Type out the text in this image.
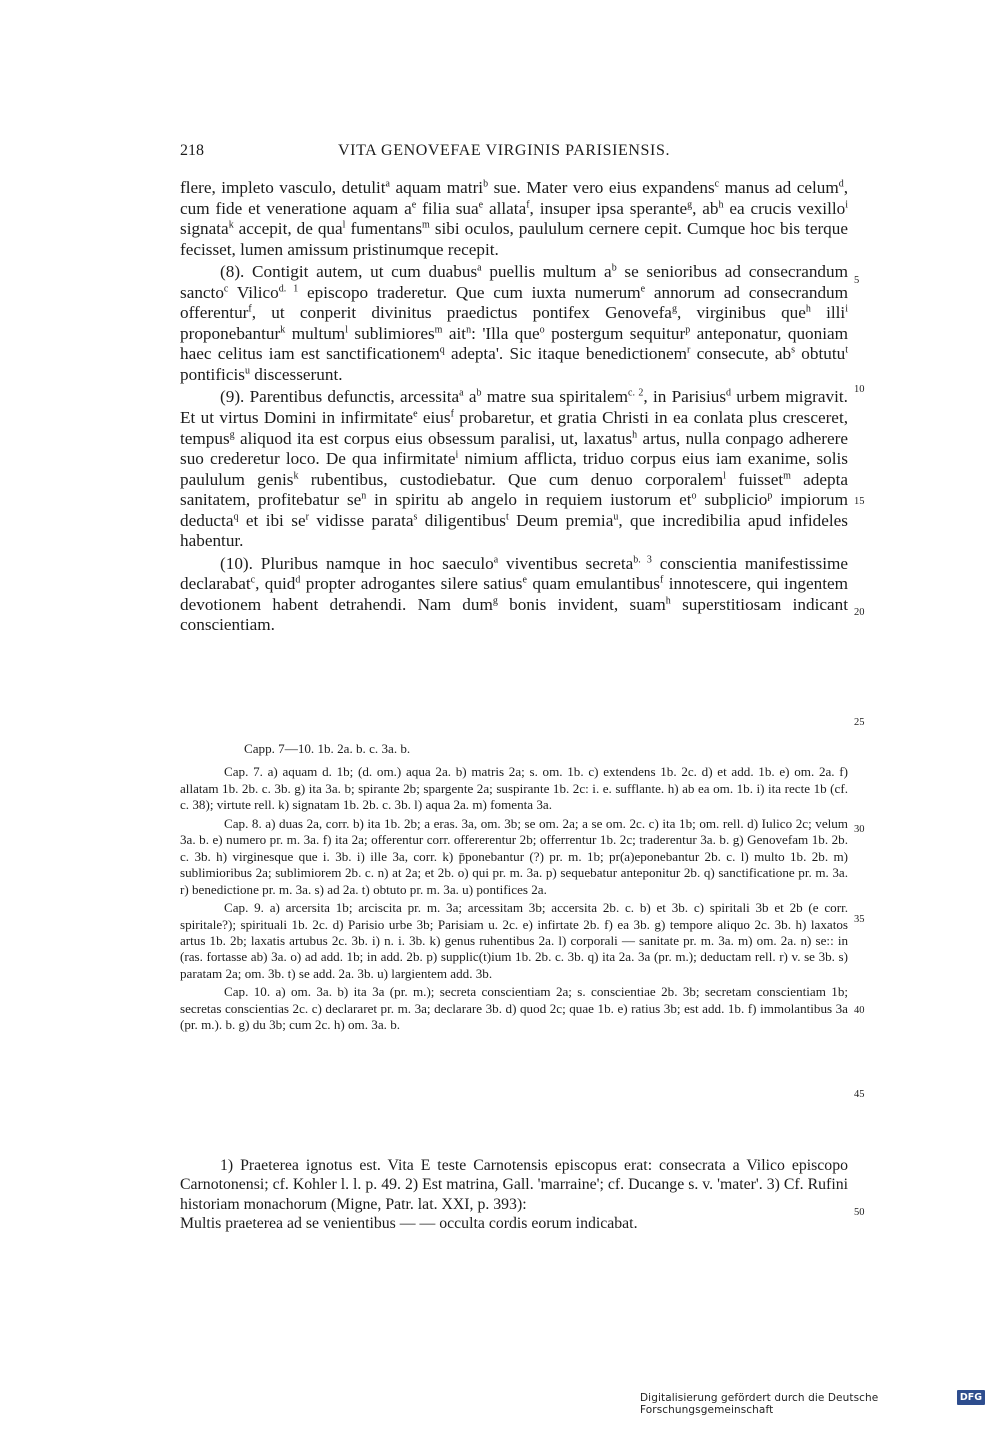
218	VITA GENOVEFAE VIRGINIS PARISIENSIS.

flere, impleto vasculo, detulit$^a$ aquam matri$^b$ sue. Mater vero eius expandens$^c$ manus ad celum$^d$, cum fide et veneratione aquam $a^e$ filia sua$^e$ allata$^f$, insuper ipsa sperante$^g$, $ab^h$ ea crucis vexillo$^i$ signata$^k$ accepit, de qua$^l$ fumentans$^m$ sibi oculos, paululum cernere cepit. Cumque hoc bis terque fecisset, lumen amissum pristinumque recepit.

(8). Contigit autem, ut cum duabus$^a$ puellis multum $a^b$ se senioribus ad consecrandum sancto$^c$ Vilico$^{d. 1}$ episcopo traderetur. Que cum iuxta numerum$^e$ annorum ad consecrandum offerentur$^f$, ut conperit divinitus praedictus pontifex Genovefa$^g$, virginibus que$^h$ illi$^i$ proponebantur$^k$ multum$^l$ sublimiores$^m$ ait$^n$: 'Illa que$^o$ postergum sequitur$^p$ anteponatur, quoniam haec celitus iam est sanctificationem$^q$ adepta'. Sic itaque benedictionem$^r$ consecute, $ab^s$ obtutu$^t$ pontificis$^u$ discesserunt.

(9). Parentibus defunctis, arcessita$^a$ $a^b$ matre sua spiritalem$^{c. 2}$, in Parisius$^d$ urbem migravit. Et ut virtus Domini in infirmitate$^e$ eius$^f$ probaretur, et gratia Christi in ea conlata plus cresceret, tempus$^g$ aliquod ita est corpus eius obsessum paralisi, ut, laxatus$^h$ artus, nulla conpago adherere suo crederetur loco. De qua infirmitate$^i$ nimium afflicta, triduo corpus eius iam exanime, solis paululum genis$^k$ rubentibus, custodiebatur. Que cum denuo corporalem$^l$ fuisset$^m$ adepta sanitatem, profitebatur $se^n$ in spiritu ab angelo in requiem iustorum $et^o$ subplicio$^p$ impiorum deducta$^q$ et ibi $se^r$ vidisse parata$^s$ diligentibus$^t$ Deum premia$^u$, que incredibilia apud infideles habentur.

(10). Pluribus namque in hoc saeculo$^a$ viventibus secreta$^{b. 3}$ conscientia manifestissime declarabat$^c$, quid$^d$ propter adrogantes silere satius$^e$ quam emulantibus$^f$ innotescere, qui ingentem devotionem habent detrahendi. Nam dum$^g$ bonis invident, suam$^h$ superstitiosam indicant conscientiam.

Capp. 7—10. 1b. 2a. b. c. 3a. b.

Cap. 7. a) aquam d. 1b; (d. om.) aqua 2a. b) matris 2a; s. om. 1b. c) extendens 1b. 2c. d) et add. 1b. e) om. 2a. f) allatam 1b. 2b. c. 3b. g) ita 3a. b; spirante 2b; spargente 2a; suspirante 1b. 2c: i. e. sufflante. h) ab ea om. 1b. i) ita recte 1b (cf. c. 38); virtute rell. k) signatam 1b. 2b. c. 3b. l) aqua 2a. m) fomenta 3a.

Cap. 8. a) duas 2a, corr. b) ita 1b. 2b; a eras. 3a, om. 3b; se om. 2a; a se om. 2c. c) ita 1b; om. rell. d) Iulico 2c; velum 3a. b. e) numero pr. m. 3a. f) ita 2a; offerentur corr. offererentur 2b; offerrentur 1b. 2c; traderentur 3a. b. g) Genovefam 1b. 2b. c. 3b. h) virginesque que i. 3b. i) ille 3a, corr. k) p̄ponebantur (?) pr. m. 1b; pr(a)eponebantur 2b. c. l) multo 1b. 2b. m) sublimioribus 2a; sublimiorem 2b. c. n) at 2a; et 2b. o) qui pr. m. 3a. p) sequebatur anteponitur 2b. q) sanctificatione pr. m. 3a. r) benedictione pr. m. 3a. s) ad 2a. t) obtuto pr. m. 3a. u) pontifices 2a.

Cap. 9. a) arcersita 1b; arciscita pr. m. 3a; arcessitam 3b; accersita 2b. c. b) et 3b. c) spiritali 3b et 2b (e corr. spiritale?); spirituali 1b. 2c. d) Parisio urbe 3b; Parisiam u. 2c. e) infirtate 2b. f) ea 3b. g) tempore aliquo 2c. 3b. h) laxatos artus 1b. 2b; laxatis artubus 2c. 3b. i) n. i. 3b. k) genus ruhentibus 2a. l) corporali — sanitate pr. m. 3a. m) om. 2a. n) se:: in (ras. fortasse ab) 3a. o) ad add. 1b; in add. 2b. p) supplic(t)ium 1b. 2b. c. 3b. q) ita 2a. 3a (pr. m.); deductam rell. r) v. se 3b. s) paratam 2a; om. 3b. t) se add. 2a. 3b. u) largientem add. 3b.

Cap. 10. a) om. 3a. b) ita 3a (pr. m.); secreta conscientiam 2a; s. conscientiae 2b. 3b; secretam conscientiam 1b; secretas conscientias 2c. c) declararet pr. m. 3a; declarare 3b. d) quod 2c; quae 1b. e) ratius 3b; est add. 1b. f) immolantibus 3a (pr. m.). b. g) du 3b; cum 2c. h) om. 3a. b.

1) Praeterea ignotus est. Vita E teste Carnotensis episcopus erat: consecrata a Vilico episcopo Carnotonensi; cf. Kohler l. l. p. 49. 2) Est matrina, Gall. 'marraine'; cf. Ducange s. v. 'mater'. 3) Cf. Rufini historiam monachorum (Migne, Patr. lat. XXI, p. 393):

Multis praeterea ad se venientibus — — occulta cordis eorum indicabat.

5
10
15
20
25
30
35
40
45
50
Digitalisierung gefördert durch die Deutsche Forschungsgemeinschaft
DFG
